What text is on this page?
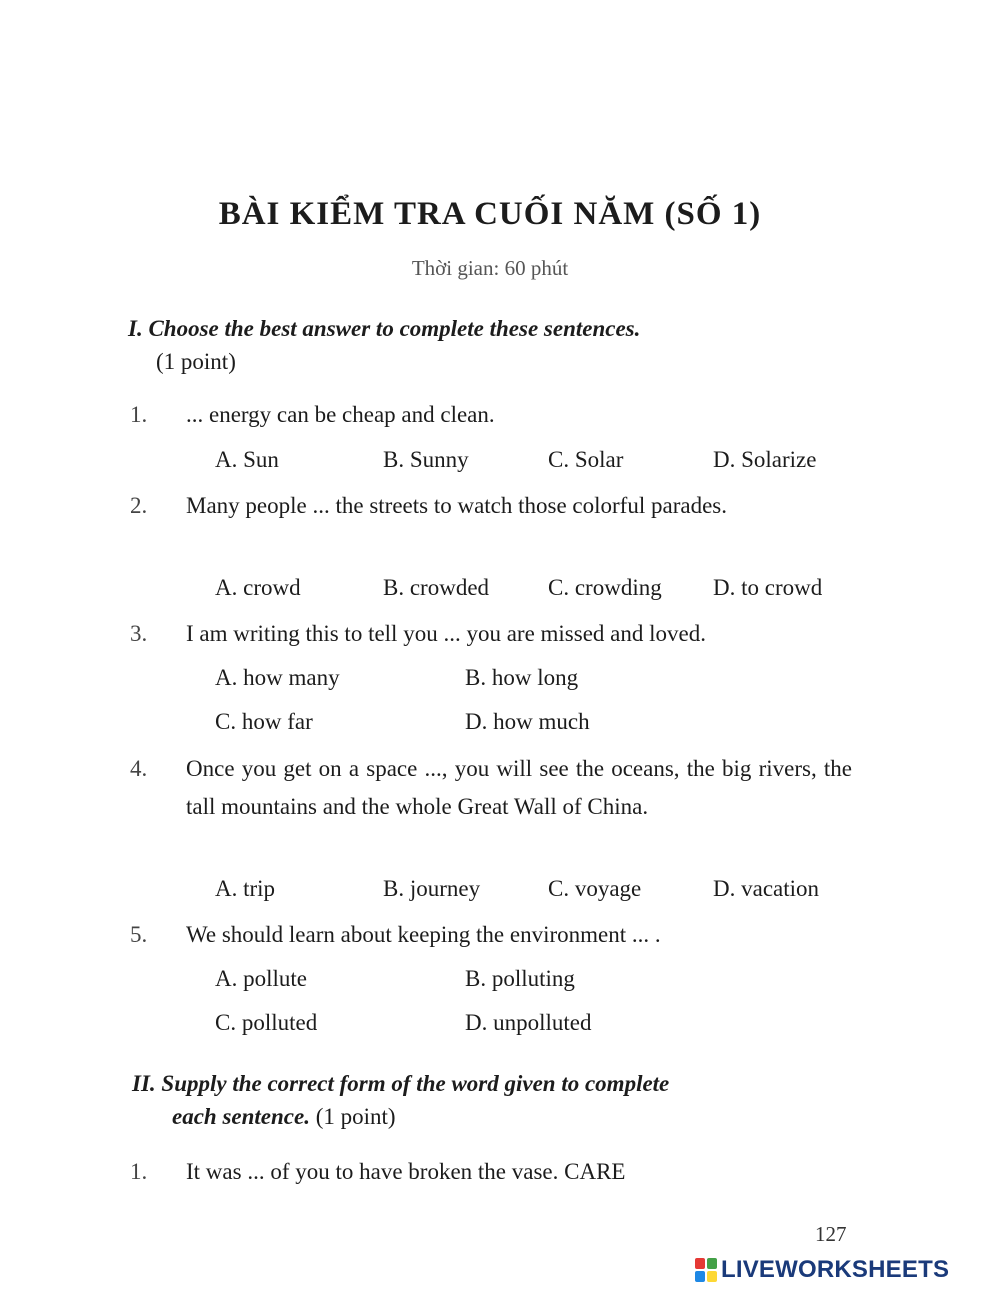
BÀI KIỂM TRA CUỐI NĂM (SỐ 1)
Thời gian: 60 phút
I. Choose the best answer to complete these sentences.
(1 point)
1. ... energy can be cheap and clean.
A. Sun	B. Sunny	C. Solar	D. Solarize
2. Many people ... the streets to watch those colorful parades.
A. crowd	B. crowded	C. crowding D. to crowd
3. I am writing this to tell you ... you are missed and loved.
A. how many	B. how long
C. how far	D. how much
4. Once you get on a space ..., you will see the oceans, the big rivers, the tall mountains and the whole Great Wall of China.
A. trip	B. journey	C. voyage	D. vacation
5. We should learn about keeping the environment ... .
A. pollute	B. polluting
C. polluted	D. unpolluted
II. Supply the correct form of the word given to complete
each sentence. (1 point)
1. It was ... of you to have broken the vase. CARE
127
LIVEWORKSHEETS
